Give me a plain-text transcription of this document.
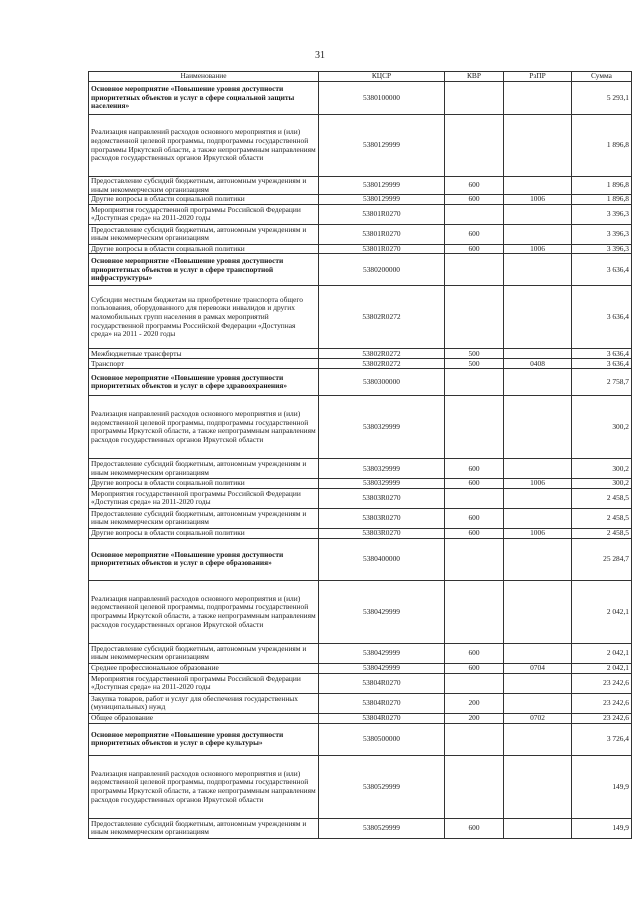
31
Наименование	КЦСР	КВР	РзПР	Сумма
Основное мероприятие «Повышение уровня доступности приоритетных объектов и услуг в сфере социальной защиты населения»	5380100000			5 293,1
Реализация направлений расходов основного мероприятия и (или) ведомственной целевой программы, подпрограммы государственной программы Иркутской области, а также непрограммным направлениям расходов государственных органов Иркутской области	5380129999			1 896,8
Предоставление субсидий бюджетным, автономным учреждениям и иным некоммерческим организациям	5380129999	600		1 896,8
Другие вопросы в области социальной политики	5380129999	600	1006	1 896,8
Мероприятия государственной программы Российской Федерации «Доступная среда» на 2011-2020 годы	53801R0270			3 396,3
Предоставление субсидий бюджетным, автономным учреждениям и иным некоммерческим организациям	53801R0270	600		3 396,3
Другие вопросы в области социальной политики	53801R0270	600	1006	3 396,3
Основное мероприятие «Повышение уровня доступности приоритетных объектов и услуг в сфере транспортной инфраструктуры»	5380200000			3 636,4
Субсидии местным бюджетам на приобретение транспорта общего пользования, оборудованного для перевозки инвалидов и других маломобильных групп населения в рамках мероприятий государственной программы Российской Федерации «Доступная среда» на 2011 - 2020 годы	53802R0272			3 636,4
Межбюджетные трансферты	53802R0272	500		3 636,4
Транспорт	53802R0272	500	0408	3 636,4
Основное мероприятие «Повышение уровня доступности приоритетных объектов и услуг в сфере здравоохранения»	5380300000			2 758,7
Реализация направлений расходов основного мероприятия и (или) ведомственной целевой программы, подпрограммы государственной программы Иркутской области, а также непрограммным направлениям расходов государственных органов Иркутской области	5380329999			300,2
Предоставление субсидий бюджетным, автономным учреждениям и иным некоммерческим организациям	5380329999	600		300,2
Другие вопросы в области социальной политики	5380329999	600	1006	300,2
Мероприятия государственной программы Российской Федерации «Доступная среда» на 2011-2020 годы	53803R0270			2 458,5
Предоставление субсидий бюджетным, автономным учреждениям и иным некоммерческим организациям	53803R0270	600		2 458,5
Другие вопросы в области социальной политики	53803R0270	600	1006	2 458,5
Основное мероприятие «Повышение уровня доступности приоритетных объектов и услуг в сфере образования»	5380400000			25 284,7
Реализация направлений расходов основного мероприятия и (или) ведомственной целевой программы, подпрограммы государственной программы Иркутской области, а также непрограммным направлениям расходов государственных органов Иркутской области	5380429999			2 042,1
Предоставление субсидий бюджетным, автономным учреждениям и иным некоммерческим организациям	5380429999	600		2 042,1
Среднее профессиональное образование	5380429999	600	0704	2 042,1
Мероприятия государственной программы Российской Федерации «Доступная среда» на 2011-2020 годы	53804R0270			23 242,6
Закупка товаров, работ и услуг для обеспечения государственных (муниципальных) нужд	53804R0270	200		23 242,6
Общее образование	53804R0270	200	0702	23 242,6
Основное мероприятие «Повышение уровня доступности приоритетных объектов и услуг в сфере культуры»	5380500000			3 726,4
Реализация направлений расходов основного мероприятия и (или) ведомственной целевой программы, подпрограммы государственной программы Иркутской области, а также непрограммным направлениям расходов государственных органов Иркутской области	5380529999			149,9
Предоставление субсидий бюджетным, автономным учреждениям и иным некоммерческим организациям	5380529999	600		149,9
